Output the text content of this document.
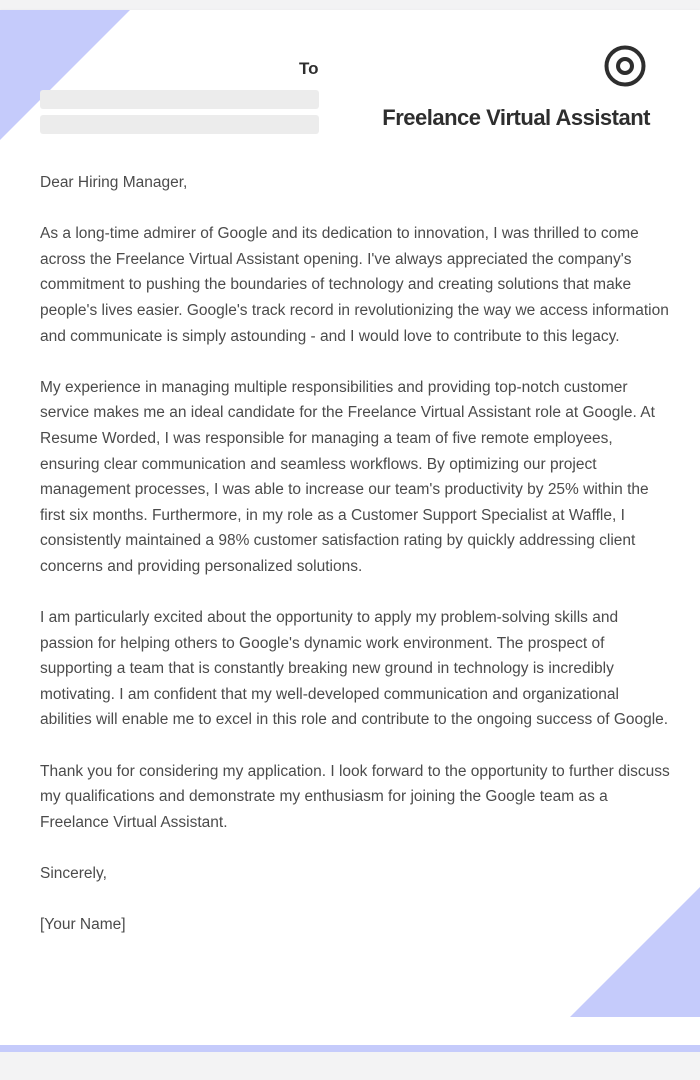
To
Freelance Virtual Assistant

Dear Hiring Manager,

As a long-time admirer of Google and its dedication to innovation, I was thrilled to come across the Freelance Virtual Assistant opening. I've always appreciated the company's commitment to pushing the boundaries of technology and creating solutions that make people's lives easier. Google's track record in revolutionizing the way we access information and communicate is simply astounding - and I would love to contribute to this legacy.

My experience in managing multiple responsibilities and providing top-notch customer service makes me an ideal candidate for the Freelance Virtual Assistant role at Google. At Resume Worded, I was responsible for managing a team of five remote employees, ensuring clear communication and seamless workflows. By optimizing our project management processes, I was able to increase our team's productivity by 25% within the first six months. Furthermore, in my role as a Customer Support Specialist at Waffle, I consistently maintained a 98% customer satisfaction rating by quickly addressing client concerns and providing personalized solutions.

I am particularly excited about the opportunity to apply my problem-solving skills and passion for helping others to Google's dynamic work environment. The prospect of supporting a team that is constantly breaking new ground in technology is incredibly motivating. I am confident that my well-developed communication and organizational abilities will enable me to excel in this role and contribute to the ongoing success of Google.

Thank you for considering my application. I look forward to the opportunity to further discuss my qualifications and demonstrate my enthusiasm for joining the Google team as a Freelance Virtual Assistant.

Sincerely,

[Your Name]
